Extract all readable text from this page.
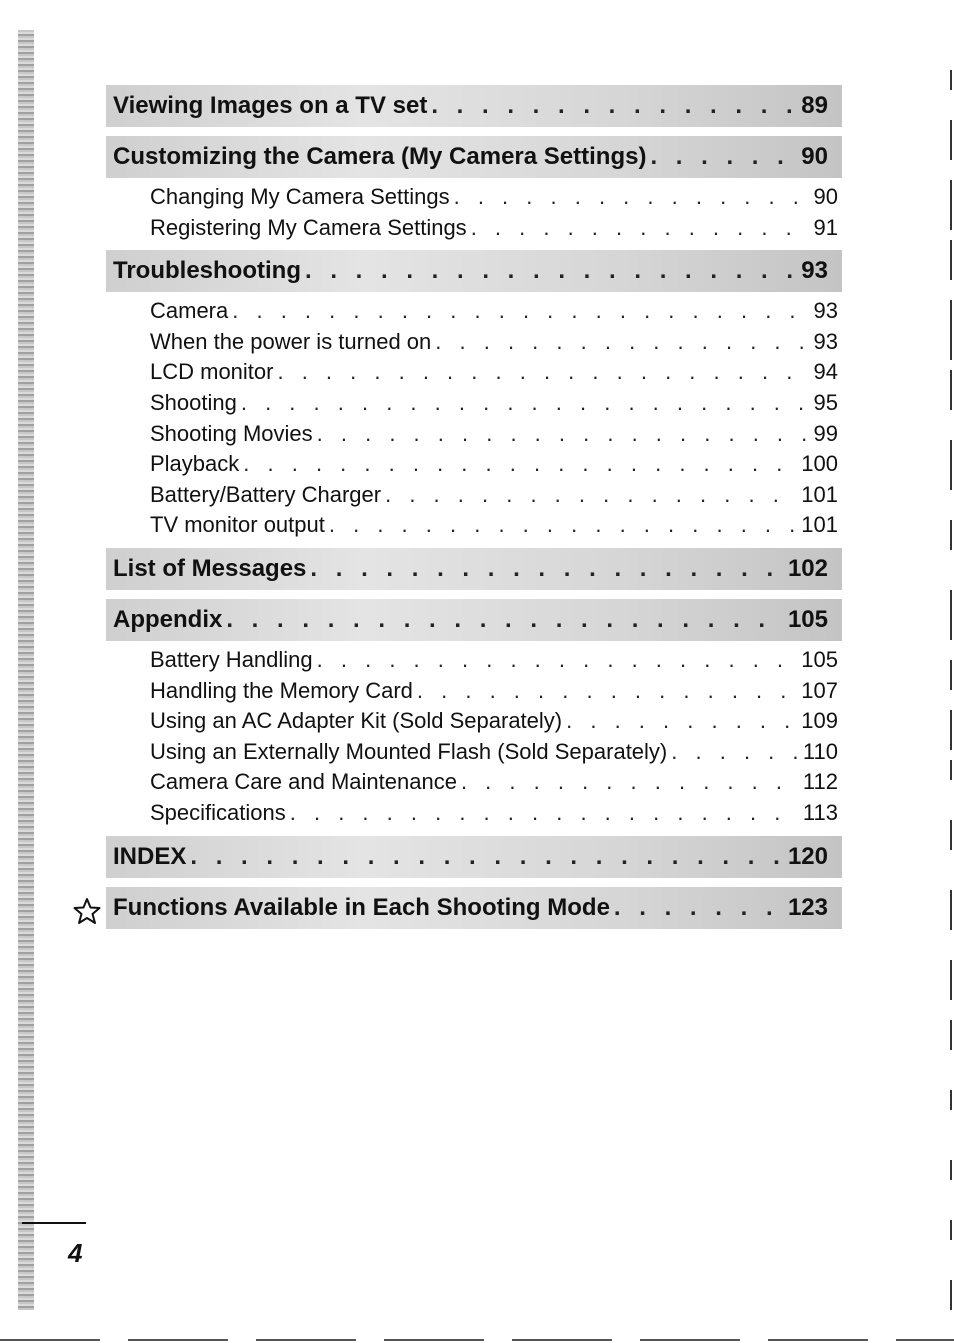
Viewing Images on a TV set . . .	89
Customizing the Camera (My Camera Settings) . . .	90
Changing My Camera Settings . . .	90
Registering My Camera Settings . . .	91
Troubleshooting . . .	93
Camera . . .	93
When the power is turned on . . .	93
LCD monitor . . .	94
Shooting . . .	95
Shooting Movies . . .	99
Playback . . .	100
Battery/Battery Charger . . .	101
TV monitor output . . .	101
List of Messages . . .	102
Appendix . . .	105
Battery Handling . . .	105
Handling the Memory Card . . .	107
Using an AC Adapter Kit (Sold Separately) . . .	109
Using an Externally Mounted Flash (Sold Separately) . . .	110
Camera Care and Maintenance . . .	112
Specifications . . .	113
INDEX . . .	120
Functions Available in Each Shooting Mode . . .	123
4
